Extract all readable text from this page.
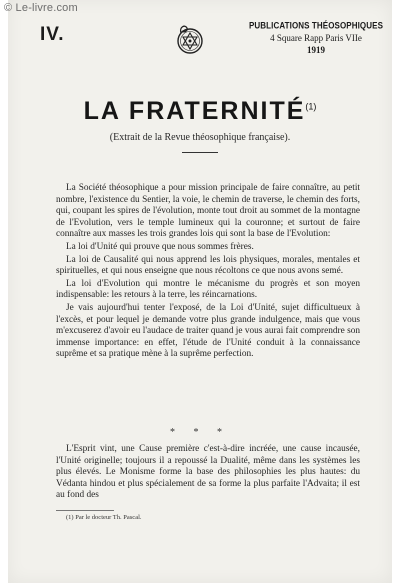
© Le-livre.com
IV.	PUBLICATIONS THÉOSOPHIQUES
4 Square Rapp Paris VIIe
1919
LA FRATERNITÉ$^{(1)}$
(Extrait de la Revue théosophique française).

La Société théosophique a pour mission principale de faire connaître, au petit nombre, l'existence du Sentier, la voie, le chemin de traverse, le chemin des forts, qui, coupant les spires de l'évolution, monte tout droit au sommet de la montagne de l'Evolution, vers le temple lumineux qui la couronne; et surtout de faire connaître aux masses les trois grandes lois qui sont la base de l'Evolution:

La loi d'Unité qui prouve que nous sommes frères.

La loi de Causalité qui nous apprend les lois physiques, morales, mentales et spirituelles, et qui nous enseigne que nous récoltons ce que nous avons semé.

La loi d'Evolution qui montre le mécanisme du progrès et son moyen indispensable: les retours à la terre, les réincarnations.

Je vais aujourd'hui tenter l'exposé, de la Loi d'Unité, sujet difficultueux à l'excès, et pour lequel je demande votre plus grande indulgence, mais que vous m'excuserez d'avoir eu l'audace de traiter quand je vous aurai fait comprendre son immense importance: en effet, l'étude de l'Unité conduit à la connaissance suprême et sa pratique mène à la suprême perfection.

* * *

L'Esprit vint, une Cause première c'est-à-dire incréée, une cause incausée, l'Unité originelle; toujours il a repoussé la Dualité, même dans les systèmes les plus élevés. Le Monisme forme la base des philosophies les plus hautes: du Védanta hindou et plus spécialement de sa forme la plus parfaite l'Advaita; il est au fond des

(1) Par le docteur Th. Pascal.
